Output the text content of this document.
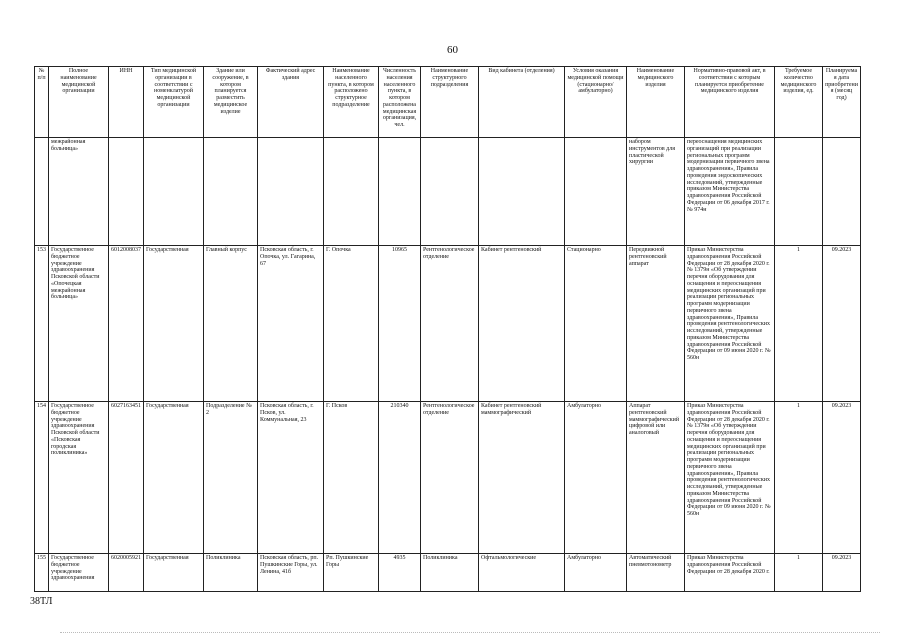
60
№ п/п	Полное наименование медицинской организации	ИНН	Тип медицинской организации в соответствии с номенклатурой медицинской организации	Здание или сооружение, в котором планируется разместить медицинское изделие	Фактический адрес здания	Наименование населенного пункта, в котором расположено структурное подразделение	Численность населения населенного пункта, в котором расположена медицинская организация, чел.	Наименование структурного подразделения	Вид кабинета (отделения)	Условия оказания медицинской помощи (стационарно/ амбулаторно)	Наименование медицинского изделия	Нормативно-правовой акт, в соответствии с которым планируется приобретение медицинского изделия	Требуемое количество медицинского изделия, ед.	Планируемая дата приобретения (месяц год)
	межрайонная больница»										набором инструментов для пластической хирургии	переоснащения медицинских организаций при реализации региональных программ модернизации первичного звена здравоохранения», Правила проведения эндоскопических исследований, утвержденные приказом Министерства здравоохранения Российской Федерации от 06 декабря 2017 г. № 974н		
153	Государственное бюджетное учреждение здравоохранения Псковской области «Опочецкая межрайонная больница»	6012008037	Государственная	Главный корпус	Псковская область, г. Опочка, ул. Гагарина, 67	Г. Опочка	10965	Рентгенологическое отделение	Кабинет рентгеновский	Стационарно	Передвижной рентгеновский аппарат	Приказ Министерства здравоохранения Российской Федерации от 28 декабря 2020 г. № 1379н «Об утверждении перечня оборудования для оснащения и переоснащения медицинских организаций при реализации региональных программ модернизации первичного звена здравоохранения», Правила проведения рентгенологических исследований, утвержденные приказом Министерства здравоохранения Российской Федерации от 09 июня 2020 г. № 560н	1	09.2023
154	Государственное бюджетное учреждение здравоохранения Псковской области «Псковская городская поликлиника»	6027163451	Государственная	Подразделение № 2	Псковская область, г. Псков, ул. Коммунальная, 23	Г. Псков	210340	Рентгенологическое отделение	Кабинет рентгеновский маммографический	Амбулаторно	Аппарат рентгеновский маммографический цифровой или аналоговый	Приказ Министерства здравоохранения Российской Федерации от 28 декабря 2020 г. № 1379н «Об утверждении перечня оборудования для оснащения и переоснащения медицинских организаций при реализации региональных программ модернизации первичного звена здравоохранения», Правила проведения рентгенологических исследований, утвержденные приказом Министерства здравоохранения Российской Федерации от 09 июня 2020 г. № 560н	1	09.2023
155	Государственное бюджетное учреждение здравоохранения	6020005921	Государственная	Поликлиника	Псковская область, рп. Пушкинские Горы, ул. Ленина, 41б	Рп. Пушкинские Горы	4935	Поликлиника	Офтальмологические	Амбулаторно	Автоматический пневмотонометр	Приказ Министерства здравоохранения Российской Федерации от 28 декабря 2020 г.	1	09.2023
38ТЛ
